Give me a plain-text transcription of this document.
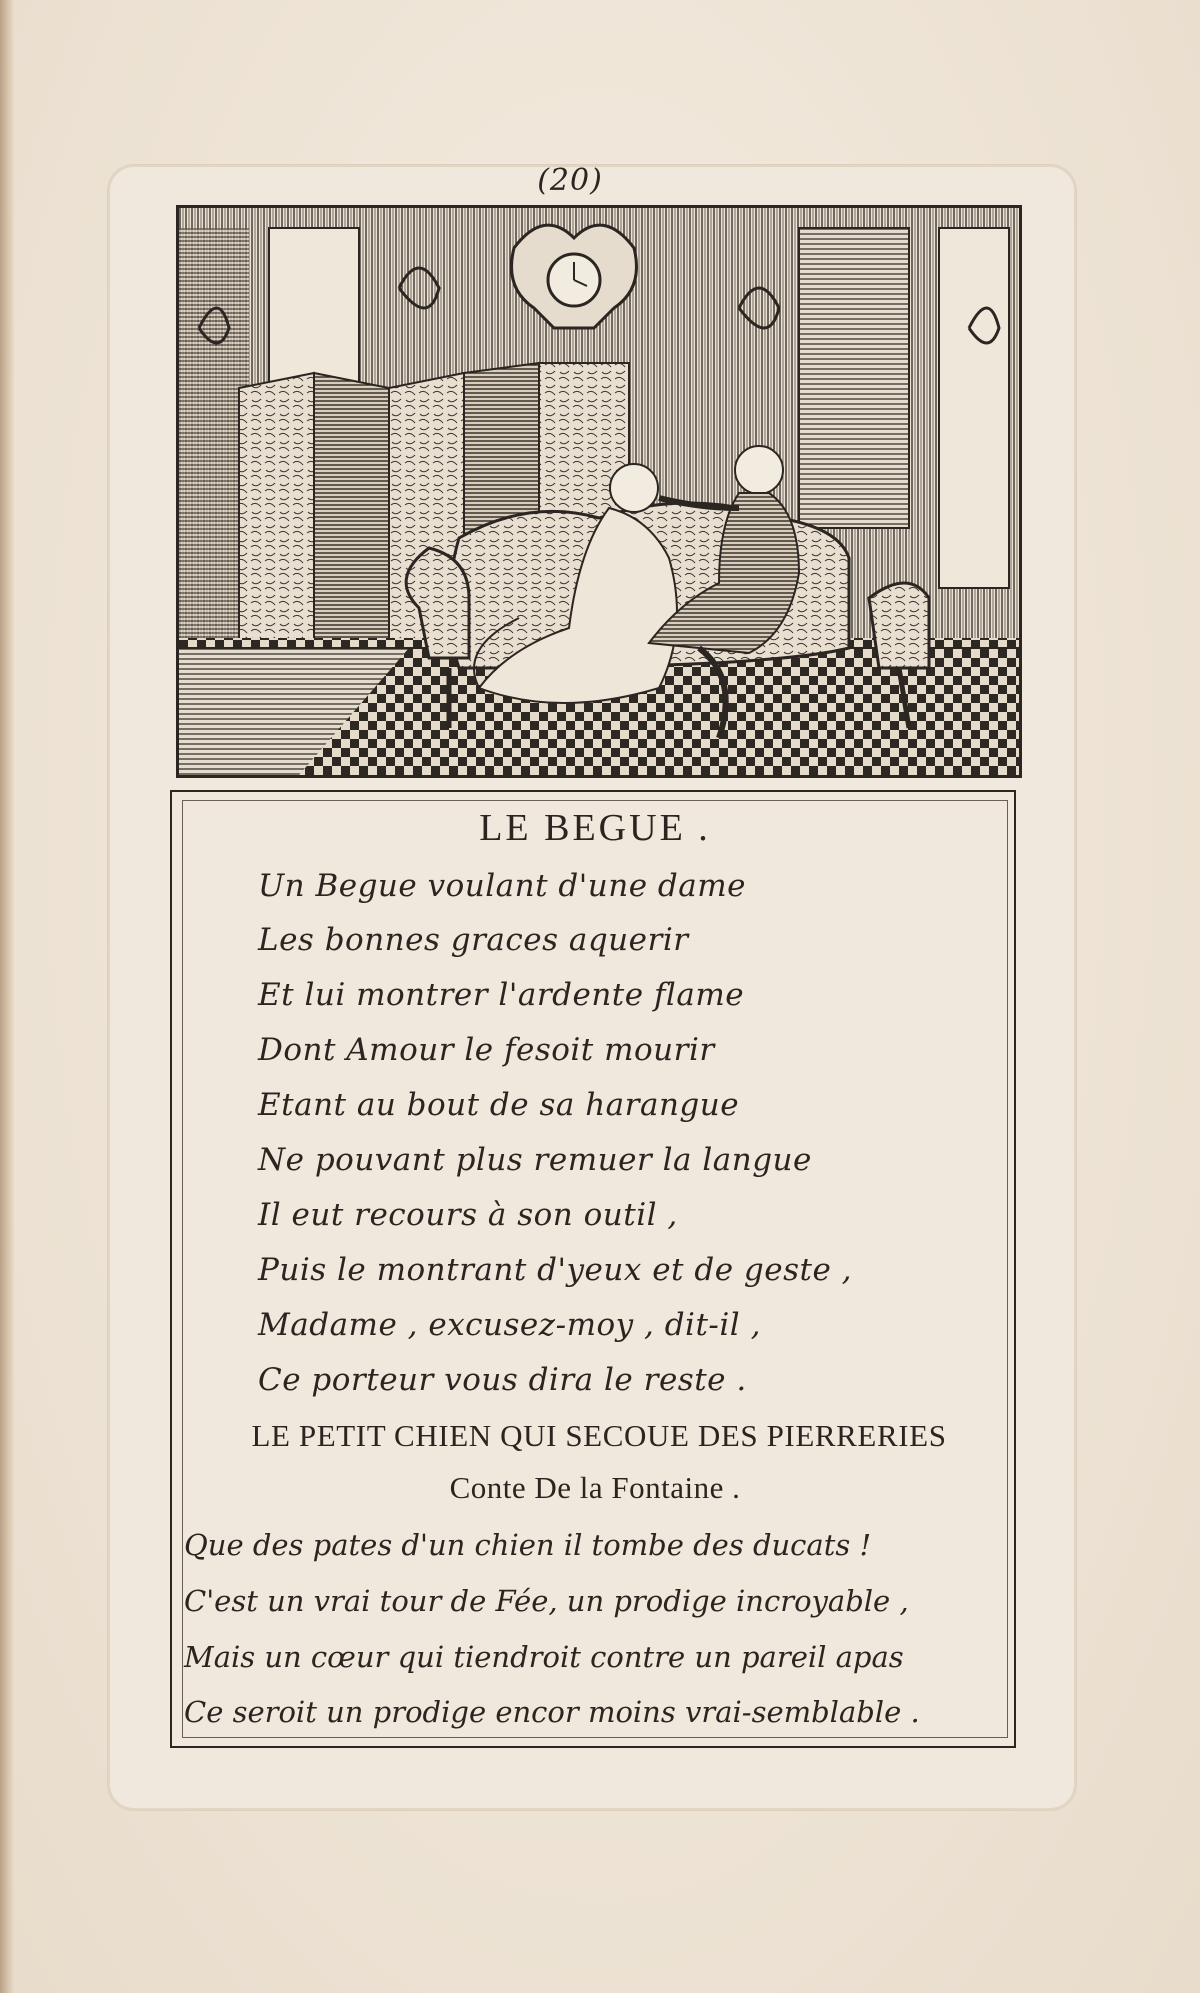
(20)
LE BEGUE .
Un Begue voulant d'une dame
Les bonnes graces aquerir
Et lui montrer l'ardente flame
Dont Amour le fesoit mourir
Etant au bout de sa harangue
Ne pouvant plus remuer la langue
Il eut recours à son outil ,
Puis le montrant d'yeux et de geste ,
Madame , excusez-moy , dit-il ,
Ce porteur vous dira le reste .
LE PETIT CHIEN QUI SECOUE DES PIERRERIES
Conte De la Fontaine .
Que des pates d'un chien il tombe des ducats !
C'est un vrai tour de Fée, un prodige incroyable ,
Mais un cœur qui tiendroit contre un pareil apas
Ce seroit un prodige encor moins vrai-semblable .
